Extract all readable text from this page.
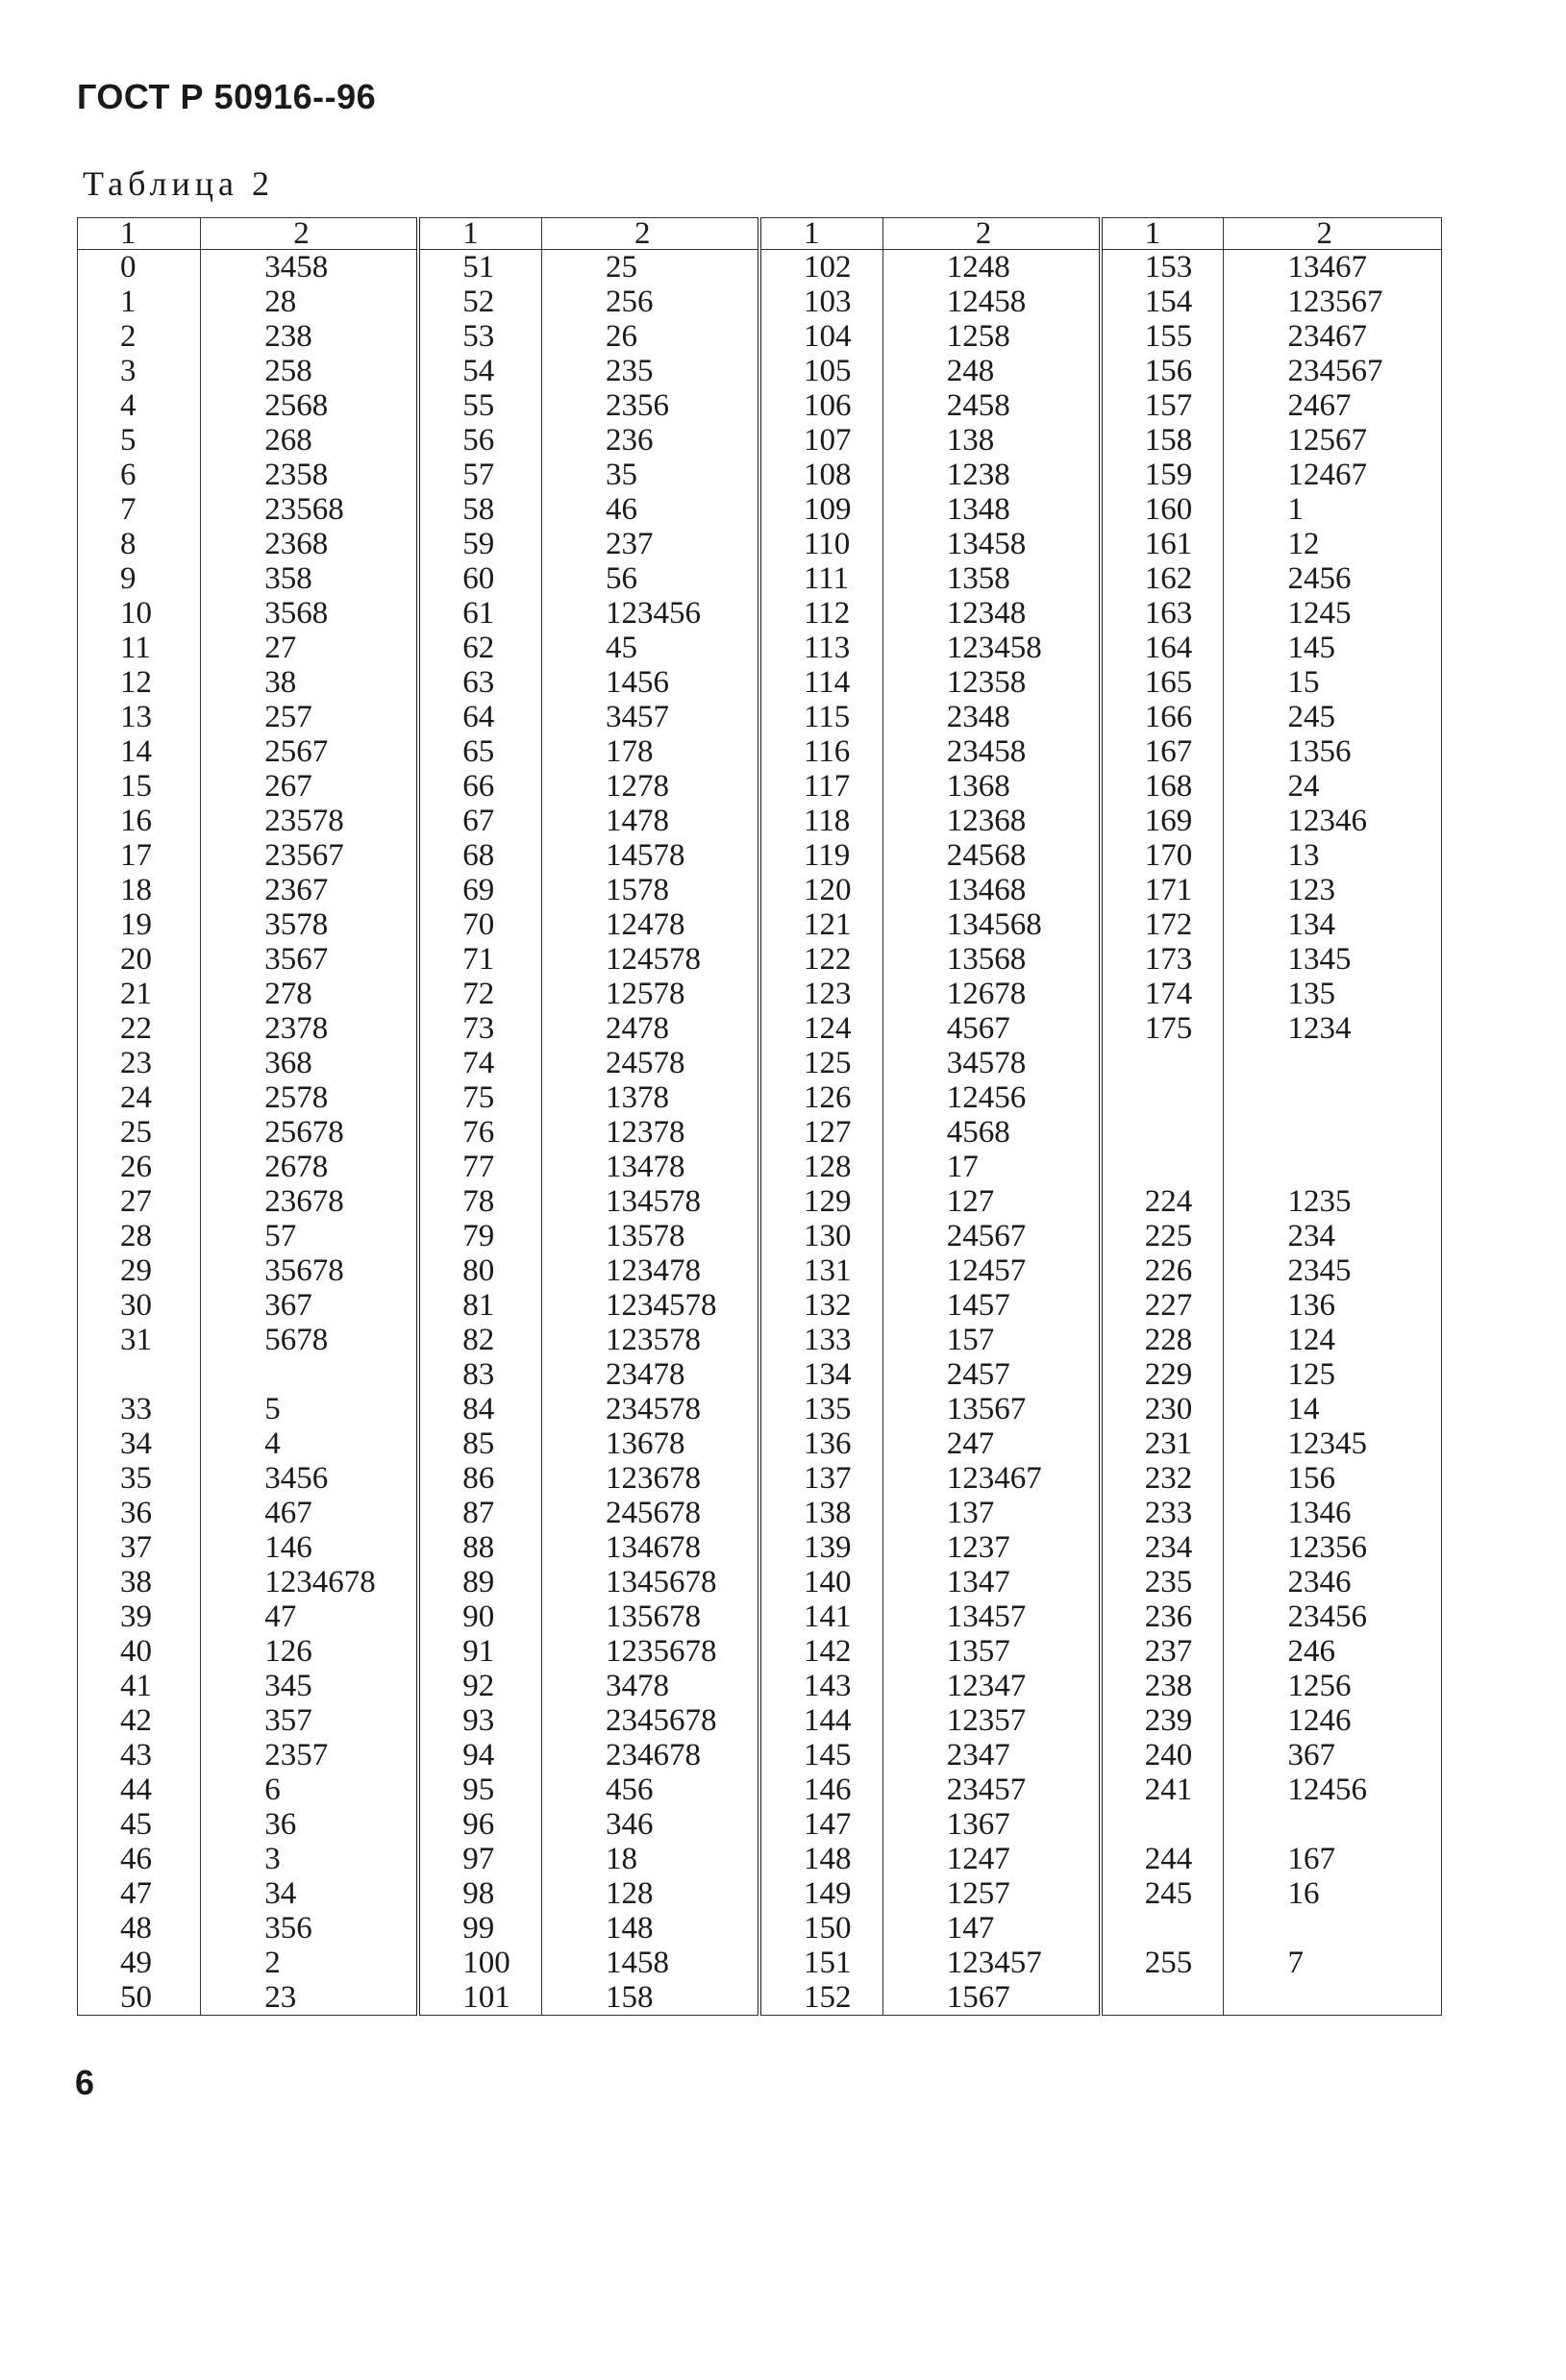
ГОСТ Р 50916--96
Таблица 2
1	2	1	2	1	2	1	2
0	3458	51	25	102	1248	153	13467
1	28	52	256	103	12458	154	123567
2	238	53	26	104	1258	155	23467
3	258	54	235	105	248	156	234567
4	2568	55	2356	106	2458	157	2467
5	268	56	236	107	138	158	12567
6	2358	57	35	108	1238	159	12467
7	23568	58	46	109	1348	160	1
8	2368	59	237	110	13458	161	12
9	358	60	56	111	1358	162	2456
10	3568	61	123456	112	12348	163	1245
11	27	62	45	113	123458	164	145
12	38	63	1456	114	12358	165	15
13	257	64	3457	115	2348	166	245
14	2567	65	178	116	23458	167	1356
15	267	66	1278	117	1368	168	24
16	23578	67	1478	118	12368	169	12346
17	23567	68	14578	119	24568	170	13
18	2367	69	1578	120	13468	171	123
19	3578	70	12478	121	134568	172	134
20	3567	71	124578	122	13568	173	1345
21	278	72	12578	123	12678	174	135
22	2378	73	2478	124	4567	175	1234
23	368	74	24578	125	34578		
24	2578	75	1378	126	12456		
25	25678	76	12378	127	4568		
26	2678	77	13478	128	17		
27	23678	78	134578	129	127	224	1235
28	57	79	13578	130	24567	225	234
29	35678	80	123478	131	12457	226	2345
30	367	81	1234578	132	1457	227	136
31	5678	82	123578	133	157	228	124
		83	23478	134	2457	229	125
33	5	84	234578	135	13567	230	14
34	4	85	13678	136	247	231	12345
35	3456	86	123678	137	123467	232	156
36	467	87	245678	138	137	233	1346
37	146	88	134678	139	1237	234	12356
38	1234678	89	1345678	140	1347	235	2346
39	47	90	135678	141	13457	236	23456
40	126	91	1235678	142	1357	237	246
41	345	92	3478	143	12347	238	1256
42	357	93	2345678	144	12357	239	1246
43	2357	94	234678	145	2347	240	367
44	6	95	456	146	23457	241	12456
45	36	96	346	147	1367		
46	3	97	18	148	1247	244	167
47	34	98	128	149	1257	245	16
48	356	99	148	150	147		
49	2	100	1458	151	123457	255	7
50	23	101	158	152	1567		
6
